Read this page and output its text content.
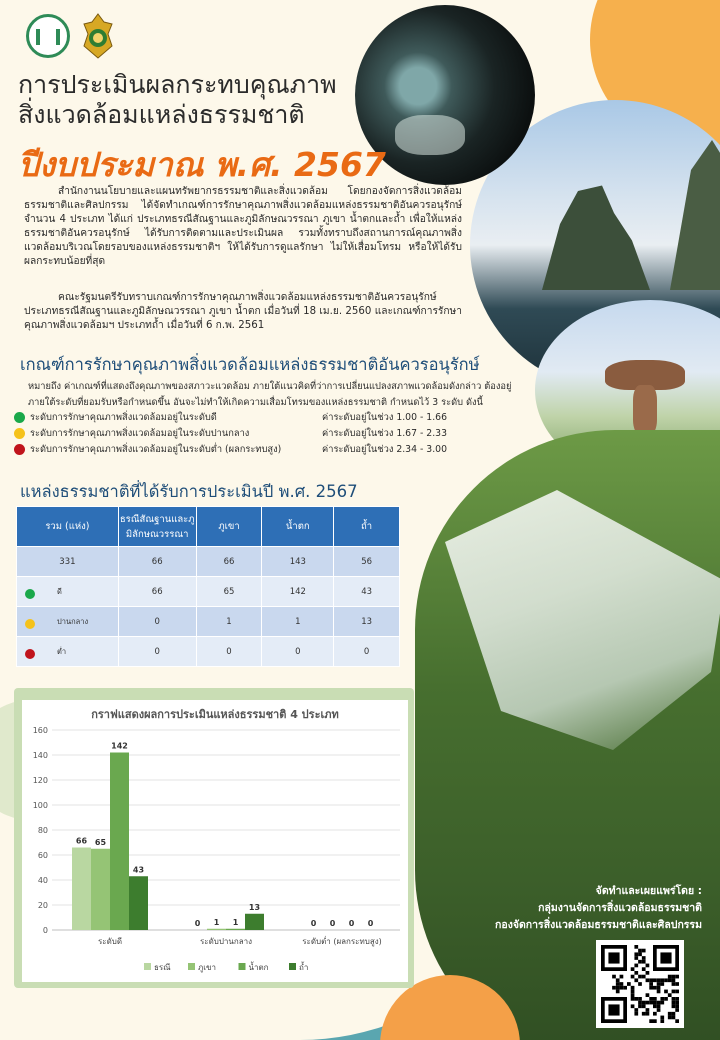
การประเมินผลกระทบคุณภาพ
สิ่งแวดล้อมแหล่งธรรมชาติ
ปีงบประมาณ พ.ศ. 2567

สำนักงานนโยบายและแผนทรัพยากรธรรมชาติและสิ่งแวดล้อม โดยกองจัดการสิ่งแวดล้อมธรรมชาติและศิลปกรรม ได้จัดทำเกณฑ์การรักษาคุณภาพสิ่งแวดล้อมแหล่งธรรมชาติอันควรอนุรักษ์ จำนวน 4 ประเภท ได้แก่ ประเภทธรณีสัณฐานและภูมิลักษณวรรณา ภูเขา น้ำตกและถ้ำ เพื่อให้แหล่งธรรมชาติอันควรอนุรักษ์ ได้รับการติดตามและประเมินผล รวมทั้งทราบถึงสถานการณ์คุณภาพสิ่งแวดล้อมบริเวณโดยรอบของแหล่งธรรมชาติฯ ให้ได้รับการดูแลรักษา ไม่ให้เสื่อมโทรม หรือให้ได้รับผลกระทบน้อยที่สุด

คณะรัฐมนตรีรับทราบเกณฑ์การรักษาคุณภาพสิ่งแวดล้อมแหล่งธรรมชาติอันควรอนุรักษ์ประเภทธรณีสัณฐานและภูมิลักษณวรรณา ภูเขา น้ำตก เมื่อวันที่ 18 เม.ย. 2560 และเกณฑ์การรักษาคุณภาพสิ่งแวดล้อมฯ ประเภทถ้ำ เมื่อวันที่ 6 ก.พ. 2561

เกณฑ์การรักษาคุณภาพสิ่งแวดล้อมแหล่งธรรมชาติอันควรอนุรักษ์
หมายถึง ค่าเกณฑ์ที่แสดงถึงคุณภาพของสภาวะแวดล้อม ภายใต้แนวคิดที่ว่าการเปลี่ยนแปลงสภาพแวดล้อมดังกล่าว ต้องอยู่ภายใต้ระดับที่ยอมรับหรือกำหนดขึ้น อันจะไม่ทำให้เกิดความเสื่อมโทรมของแหล่งธรรมชาติ กำหนดไว้ 3 ระดับ ดังนี้
ระดับการรักษาคุณภาพสิ่งแวดล้อมอยู่ในระดับดี	ค่าระดับอยู่ในช่วง 1.00 - 1.66
ระดับการรักษาคุณภาพสิ่งแวดล้อมอยู่ในระดับปานกลาง	ค่าระดับอยู่ในช่วง 1.67 - 2.33
ระดับการรักษาคุณภาพสิ่งแวดล้อมอยู่ในระดับต่ำ (ผลกระทบสูง)	ค่าระดับอยู่ในช่วง 2.34 - 3.00
แหล่งธรรมชาติที่ได้รับการประเมินปี พ.ศ. 2567
รวม (แห่ง)	ธรณีสัณฐานและภูมิลักษณวรรณา	ภูเขา	น้ำตก	ถ้ำ
331	66	66	143	56

ดี	66	65	142	43

ปานกลาง	0	1	1	13

ต่ำ	0	0	0	0
กราฟแสดงผลการประเมินแหล่งธรรมชาติ 4 ประเภท
0
20
40
60
80
100
120
140
160
66 65
142
43
ระดับดี
0 1 1
13
ระดับปานกลาง
0 0 0 0
ระดับต่ำ (ผลกระทบสูง)
ธรณี	ภูเขา	น้ำตก	ถ้ำ
จัดทำและเผยแพร่โดย :
กลุ่มงานจัดการสิ่งแวดล้อมธรรมชาติ
กองจัดการสิ่งแวดล้อมธรรมชาติและศิลปกรรม
